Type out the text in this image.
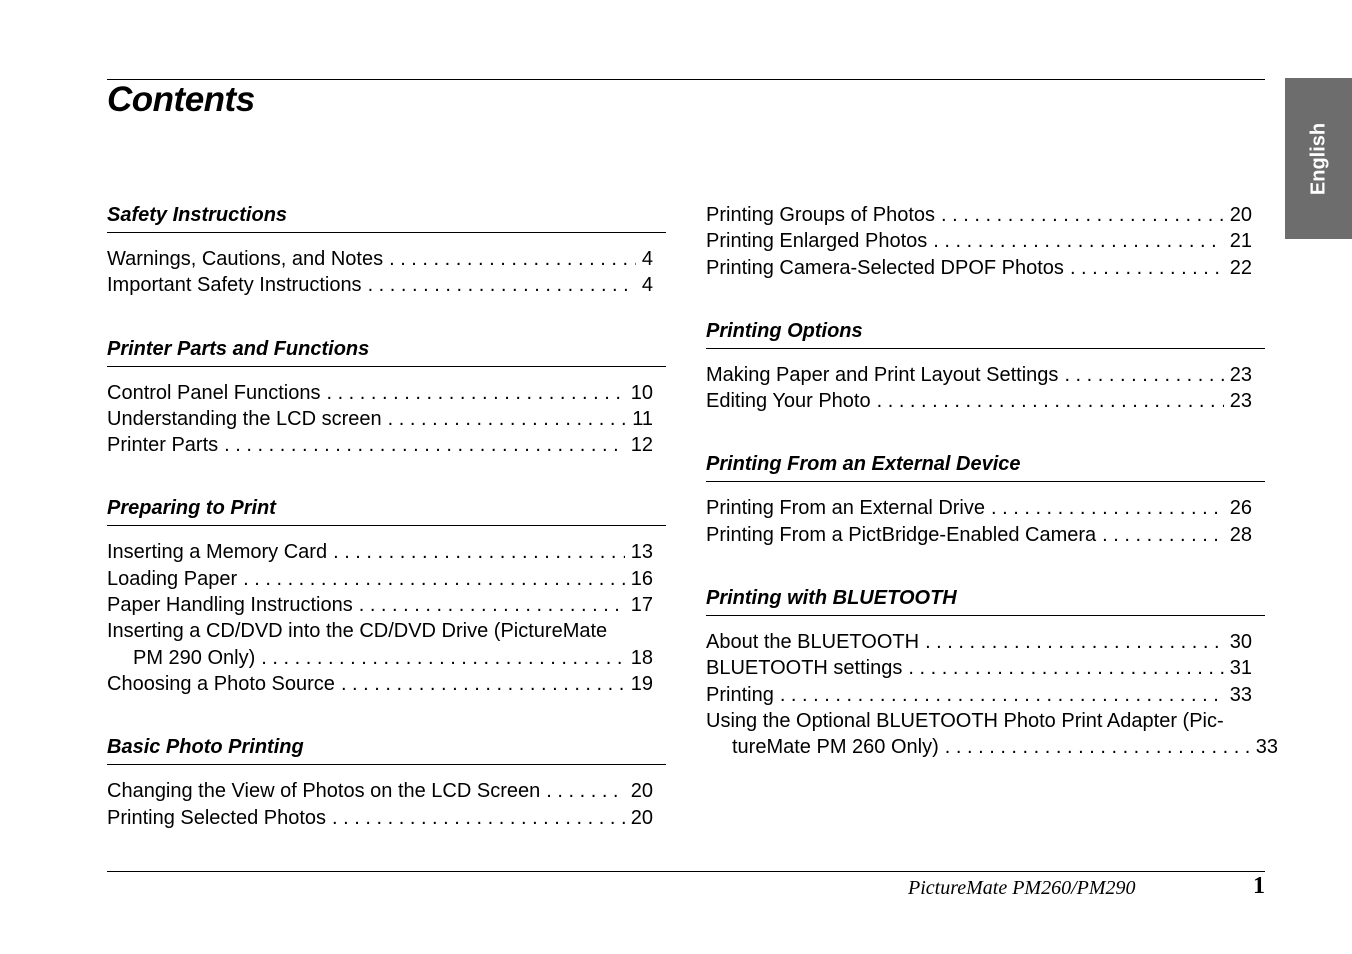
Contents
English
Safety Instructions
Warnings, Cautions, and Notes . . .	4
Important Safety Instructions . . .	4
Printer Parts and Functions
Control Panel Functions . . .	10
Understanding the LCD screen . . .	11
Printer Parts . . .	12
Preparing to Print
Inserting a Memory Card . . .	13
Loading Paper . . .	16
Paper Handling Instructions . . .	17
Inserting a CD/DVD into the CD/DVD Drive (PictureMate
PM 290 Only) . . .	18
Choosing a Photo Source . . .	19
Basic Photo Printing
Changing the View of Photos on the LCD Screen . . .	20
Printing Selected Photos . . .	20
Printing Groups of Photos . . .	20
Printing Enlarged Photos . . .	21
Printing Camera-Selected DPOF Photos . . .	22
Printing Options
Making Paper and Print Layout Settings . . .	23
Editing Your Photo . . .	23
Printing From an External Device
Printing From an External Drive . . .	26
Printing From a PictBridge-Enabled Camera . . .	28
Printing with BLUETOOTH
About the BLUETOOTH . . .	30
BLUETOOTH settings . . .	31
Printing . . .	33
Using the Optional BLUETOOTH Photo Print Adapter (Pic-
tureMate PM 260 Only) . . .	33
PictureMate PM260/PM290	1
